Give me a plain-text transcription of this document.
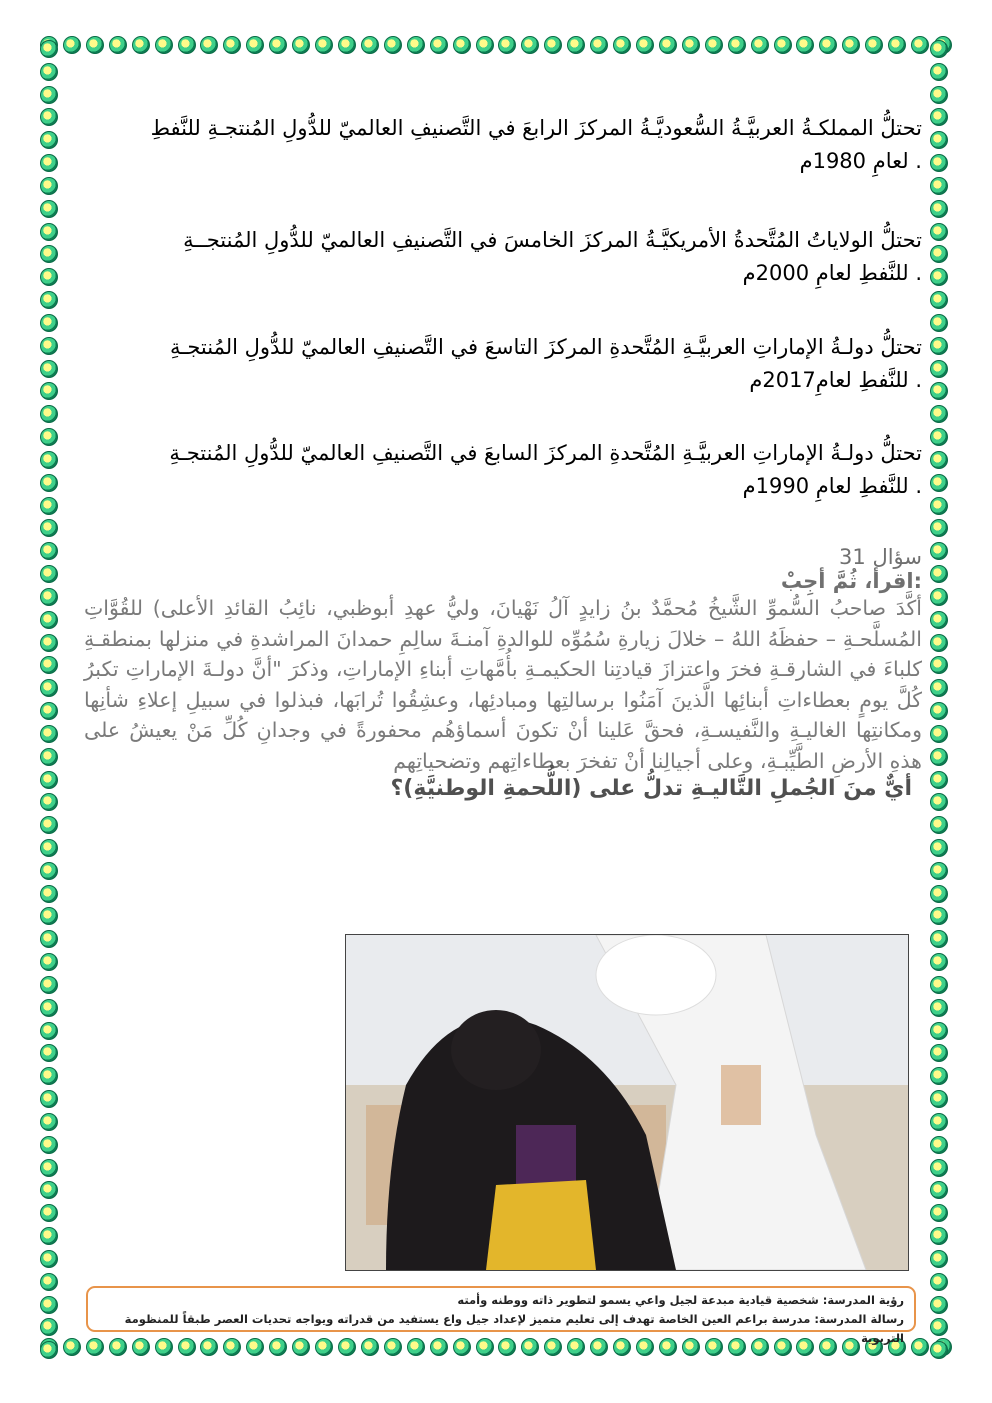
تحتلُّ المملكـةُ العربيَّـةُ السُّعوديَّـةُ المركزَ الرابعَ في التَّصنيفِ العالميّ للدُّولِ المُنتجـةِ للنَّفطِ
. لعامِ 1980م

تحتلُّ الولاياتُ المُتَّحدةُ الأمريكيَّـةُ المركزَ الخامسَ في التَّصنيفِ العالميّ للدُّولِ المُنتجــةِ
. للنَّفطِ لعامِ 2000م

تحتلُّ دولـةُ الإماراتِ العربيَّـةِ المُتَّحدةِ المركزَ التاسعَ في التَّصنيفِ العالميّ للدُّولِ المُنتجـةِ
. للنَّفطِ لعامِ2017م

تحتلُّ دولـةُ الإماراتِ العربيَّـةِ المُتَّحدةِ المركزَ السابعَ في التَّصنيفِ العالميّ للدُّولِ المُنتجـةِ
. للنَّفطِ لعامِ 1990م

سؤال 31
:اقرأ، ثُمَّ أجِبْ
أكَّدَ صاحبُ السُّموِّ الشَّيخُ مُحمَّدٌ بنُ زايدٍ آلُ نَهْيانَ، وليُّ عهدِ أبوظبي، نائِبُ القائدِ الأعلى) للقُوَّاتِ المُسلَّحـةِ – حفظَهُ اللهُ – خلالَ زيارةِ سُمُوِّه للوالدةِ آمنـةَ سالِمِ حمدانَ المراشدةِ في منزلها بمنطقـةِ كلباءَ في الشارقـةِ فخرَ واعتزازَ قيادتِنا الحكيمـةِ بأُمَّهاتِ أبناءِ الإماراتِ، وذكرَ "أنَّ دولـةَ الإماراتِ تكبرُ كُلَّ يومٍ بعطاءاتِ أبنائِها الَّذينَ آمَنُوا برسالتِها ومبادئِها، وعشِقُوا تُرابَها، فبذلوا في سبيلِ إعلاءِ شأنِها ومكانتِها الغاليـةِ والنَّفيسـةِ، فحقَّ عَلينا أنْ تكونَ أسماؤهُم محفورةً في وجدانِ كُلِّ مَنْ يعيشُ على هذهِ الأرضِ الطَّيِّبـةِ، وعلى أجيالِنا أنْ تفخرَ بعطاءاتِهم وتضحياتِهم
أيٌّ منَ الجُملِ التَّاليـةِ تدلُّ على (اللُّحمةِ الوطنيَّةِ)؟
رؤية المدرسة: شخصية قيادية مبدعة لجيل واعي يسمو لتطوير ذاته ووطنه وأمته
رسالة المدرسة: مدرسة براعم العين الخاصة تهدف إلى تعليم متميز لإعداد جيل واع يستفيد من قدراته ويواجه تحديات العصر طبقاً للمنظومة التربوية
